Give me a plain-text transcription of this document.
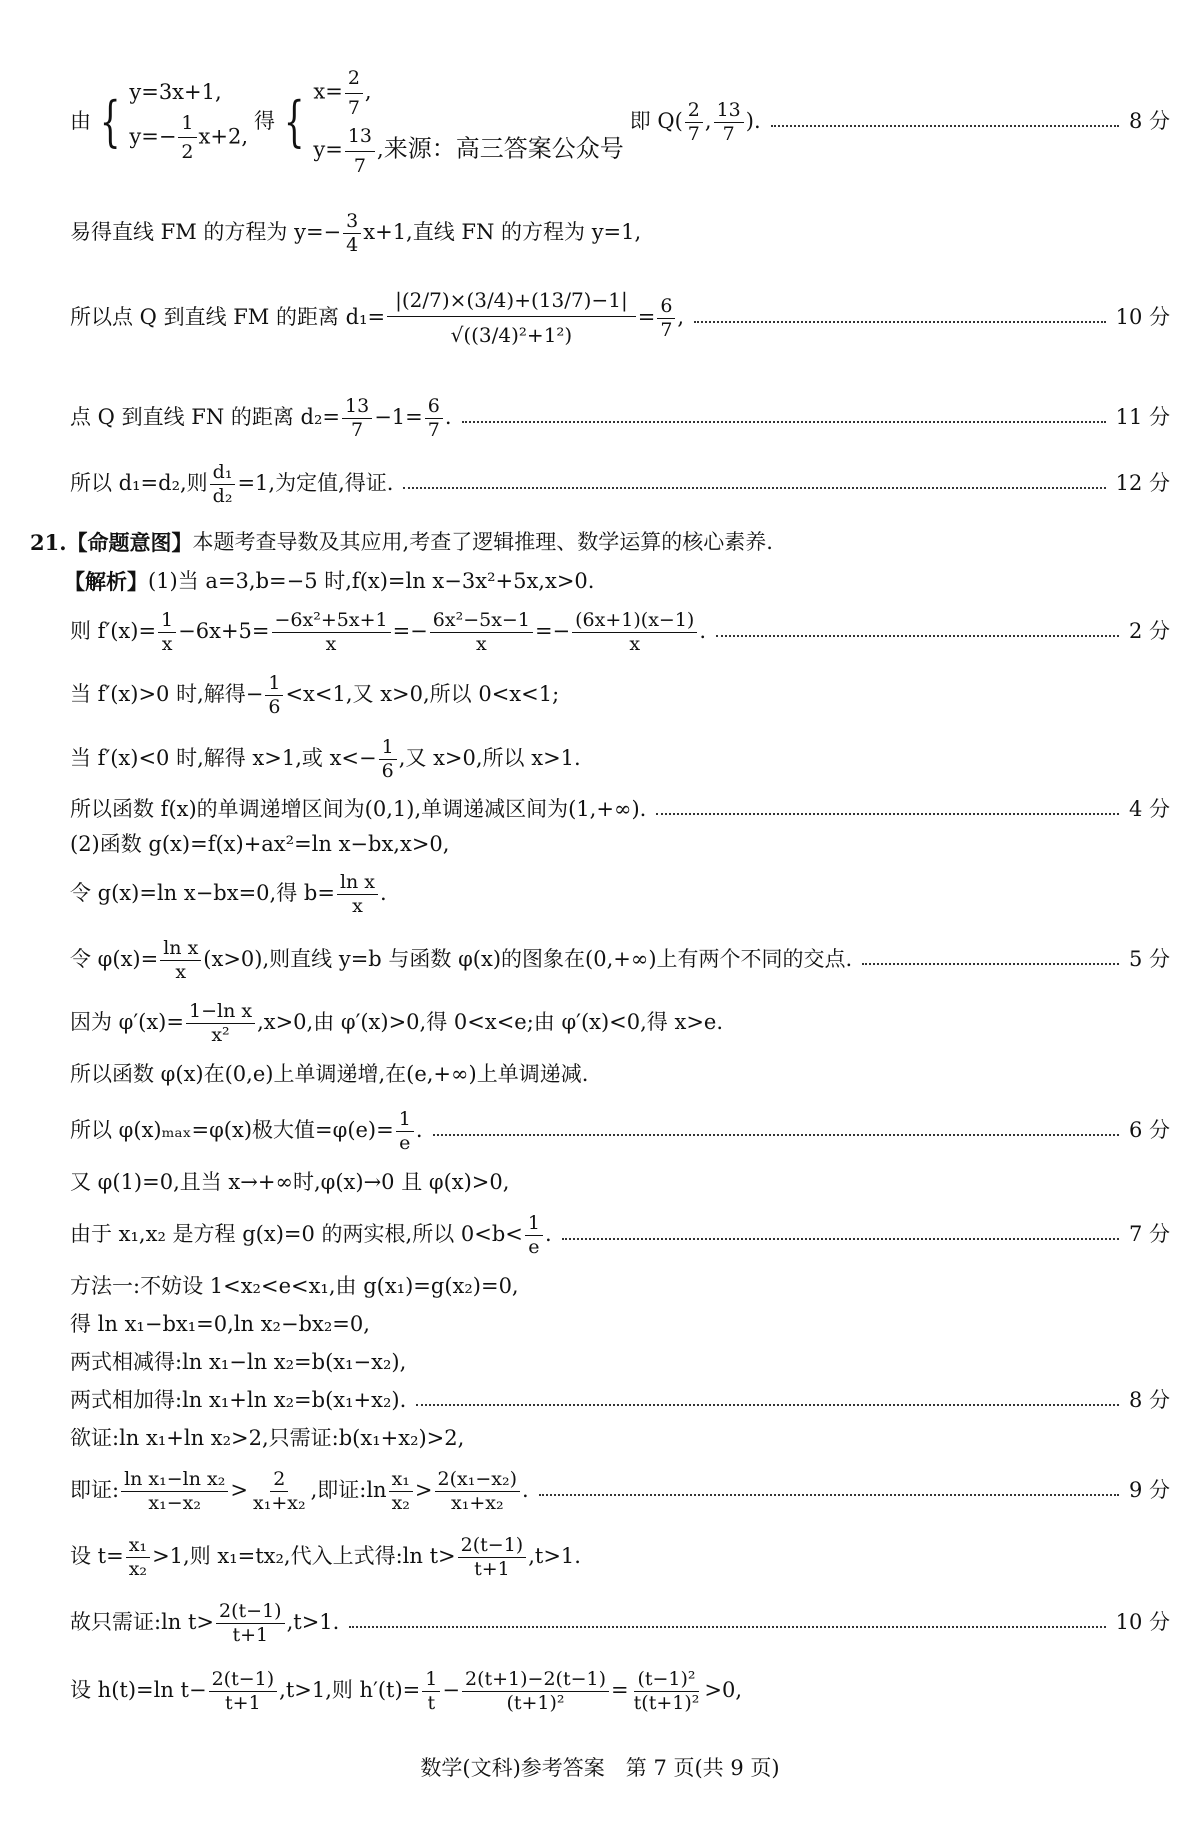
由 { y=3x+1,
$y=- \frac{1}{2} x+2$,
得 { $x= \frac{2}{7}$ ,
$y= \frac{13}{7}$ ,来源：高三答案公众号
即 $Q( \frac{2}{7}$ , $\frac{13}{7}$ ).	8 分
易得直线 FM 的方程为 $y=- \frac{3}{4} x+1$,直线 FN 的方程为 y=1,
所以点 Q 到直线 FM 的距离 $d_1= \frac{|(2/7)\times(3/4)+(13/7)-1|}{\text{√((3/4)²+1²)}} = \frac{6}{7}$ ,	10 分
点 Q 到直线 FN 的距离 $d_2= \frac{13}{7} -1= \frac{6}{7}$ .	11 分
所以 d₁=d₂,则 $\frac{\text{d₁}}{\text{d₂}} =1$,为定值,得证.	12 分
21. 【命题意图】 本题考查导数及其应用,考查了逻辑推理、数学运算的核心素养.
【解析】 (1)当 a=3,b=−5 时,f(x)=ln x−3x²+5x,x>0.
则 $f'(x)= \frac{1}{x} -6x+5= \frac{\text{−6x²+5x+1}}{x} =- \frac{\text{6x²−5x−1}}{x} =- \frac{(6x+1)(x-1)}{x}$ .	2 分
当 f′(x)>0 时,解得− $\frac{1}{6} <x<1$,又 x>0,所以 0<x<1;
当 f′(x)<0 时,解得 x>1,或 $x<- \frac{1}{6}$ ,又 x>0,所以 x>1.
所以函数 f(x)的单调递增区间为(0,1),单调递减区间为(1,+∞).	4 分
(2)函数 g(x)=f(x)+ax²=ln x−bx,x>0,
令 g(x)=ln x−bx=0,得 $b= \frac{\text{ln x}}{x}$ .
令 $\varphi(x)= \frac{\text{ln x}}{x} (x>0)$,则直线 y=b 与函数 φ(x)的图象在(0,+∞)上有两个不同的交点.	5 分
因为 $\varphi'(x)= \frac{\text{1−ln x}}{\text{x²}} ,x>0$,由 φ′(x)>0,得 0<x<e;由 φ′(x)<0,得 x>e.
所以函数 φ(x)在(0,e)上单调递增,在(e,+∞)上单调递减.
所以 φ(x)ₘₐₓ=φ(x)极大值$=\varphi(e)= \frac{1}{e}$ .	6 分
又 φ(1)=0,且当 x→+∞时,φ(x)→0 且 φ(x)>0,
由于 x₁,x₂ 是方程 g(x)=0 的两实根,所以 $0<b< \frac{1}{e}$ .	7 分
方法一:不妨设 1<x₂<e<x₁,由 g(x₁)=g(x₂)=0,
得 ln x₁−bx₁=0,ln x₂−bx₂=0,
两式相减得:ln x₁−ln x₂=b(x₁−x₂),
两式相加得:ln x₁+ln x₂=b(x₁+x₂).	8 分
欲证:ln x₁+ln x₂>2,只需证:b(x₁+x₂)>2,
即证: $\frac{\text{ln x₁−ln x₂}}{\text{x₁−x₂}} > \frac{2}{\text{x₁+x₂}}$ ,即证:ln $\frac{\text{x₁}}{\text{x₂}} > \frac{\text{2(x₁−x₂)}}{\text{x₁+x₂}}$ .	9 分
设 $t= \frac{\text{x₁}}{\text{x₂}} >1$,则 x₁=tx₂,代入上式得:ln $t> \frac{2(t-1)}{t+1} ,t>1$.
故只需证:ln $t> \frac{2(t-1)}{t+1} ,t>1$.	10 分
设 h(t)=ln $t- \frac{2(t-1)}{t+1} ,t>1$,则 $h'(t)= \frac{1}{t} - \frac{2(t+1)-2(t-1)}{\text{(t+1)²}} = \frac{\text{(t−1)²}}{\text{t(t+1)²}} >0$,
数学(文科)参考答案　第 7 页(共 9 页)
